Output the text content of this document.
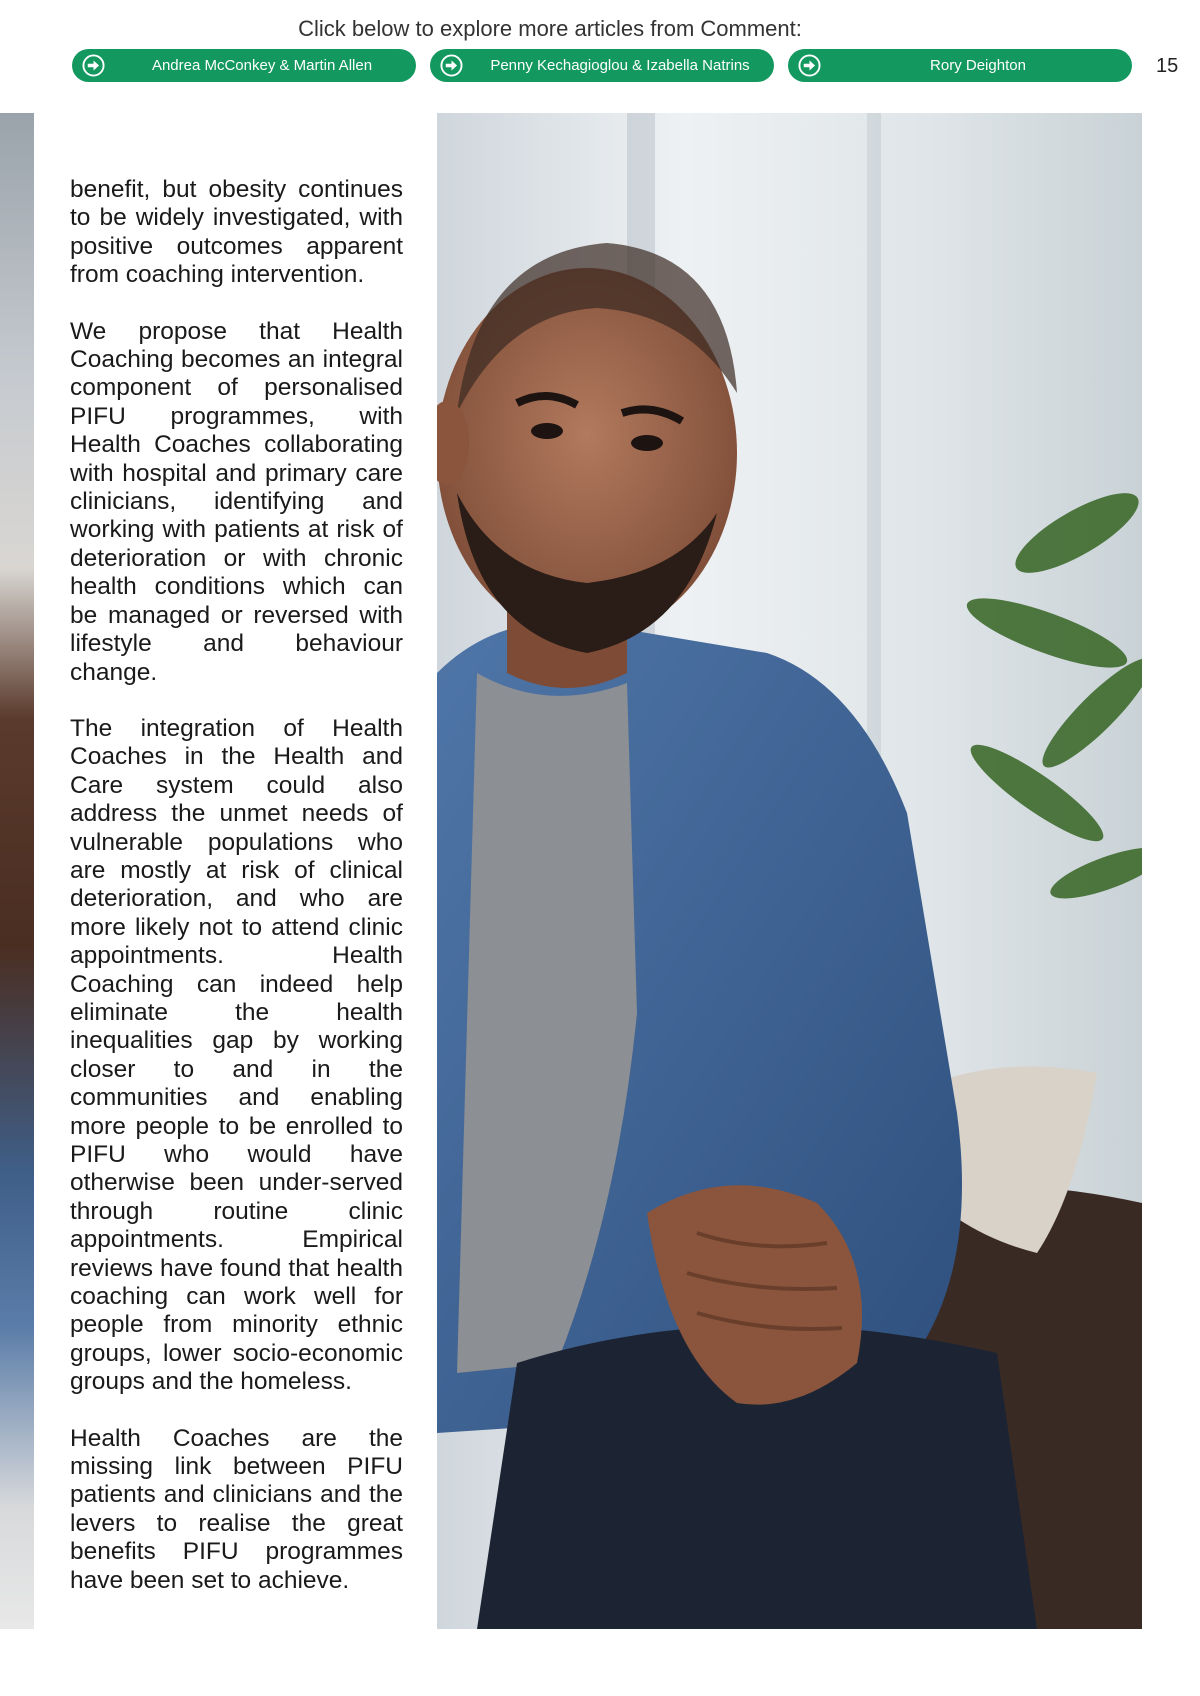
Click below to explore more articles from Comment:
Andrea McConkey & Martin Allen	Penny Kechagioglou & Izabella Natrins	Rory Deighton	15

benefit, but obesity continues to be widely investigated, with positive outcomes apparent from coaching intervention.

We propose that Health Coaching becomes an integral component of personalised PIFU programmes, with Health Coaches collaborating with hospital and primary care clinicians, identifying and working with patients at risk of deterioration or with chronic health conditions which can be managed or reversed with lifestyle and behaviour change.

The integration of Health Coaches in the Health and Care system could also address the unmet needs of vulnerable populations who are mostly at risk of clinical deterioration, and who are more likely not to attend clinic appointments. Health Coaching can indeed help eliminate the health inequalities gap by working closer to and in the communities and enabling more people to be enrolled to PIFU who would have otherwise been under-served through routine clinic appointments. Empirical reviews have found that health coaching can work well for people from minority ethnic groups, lower socio-economic groups and the homeless.

Health Coaches are the missing link between PIFU patients and clinicians and the levers to realise the great benefits PIFU programmes have been set to achieve.
